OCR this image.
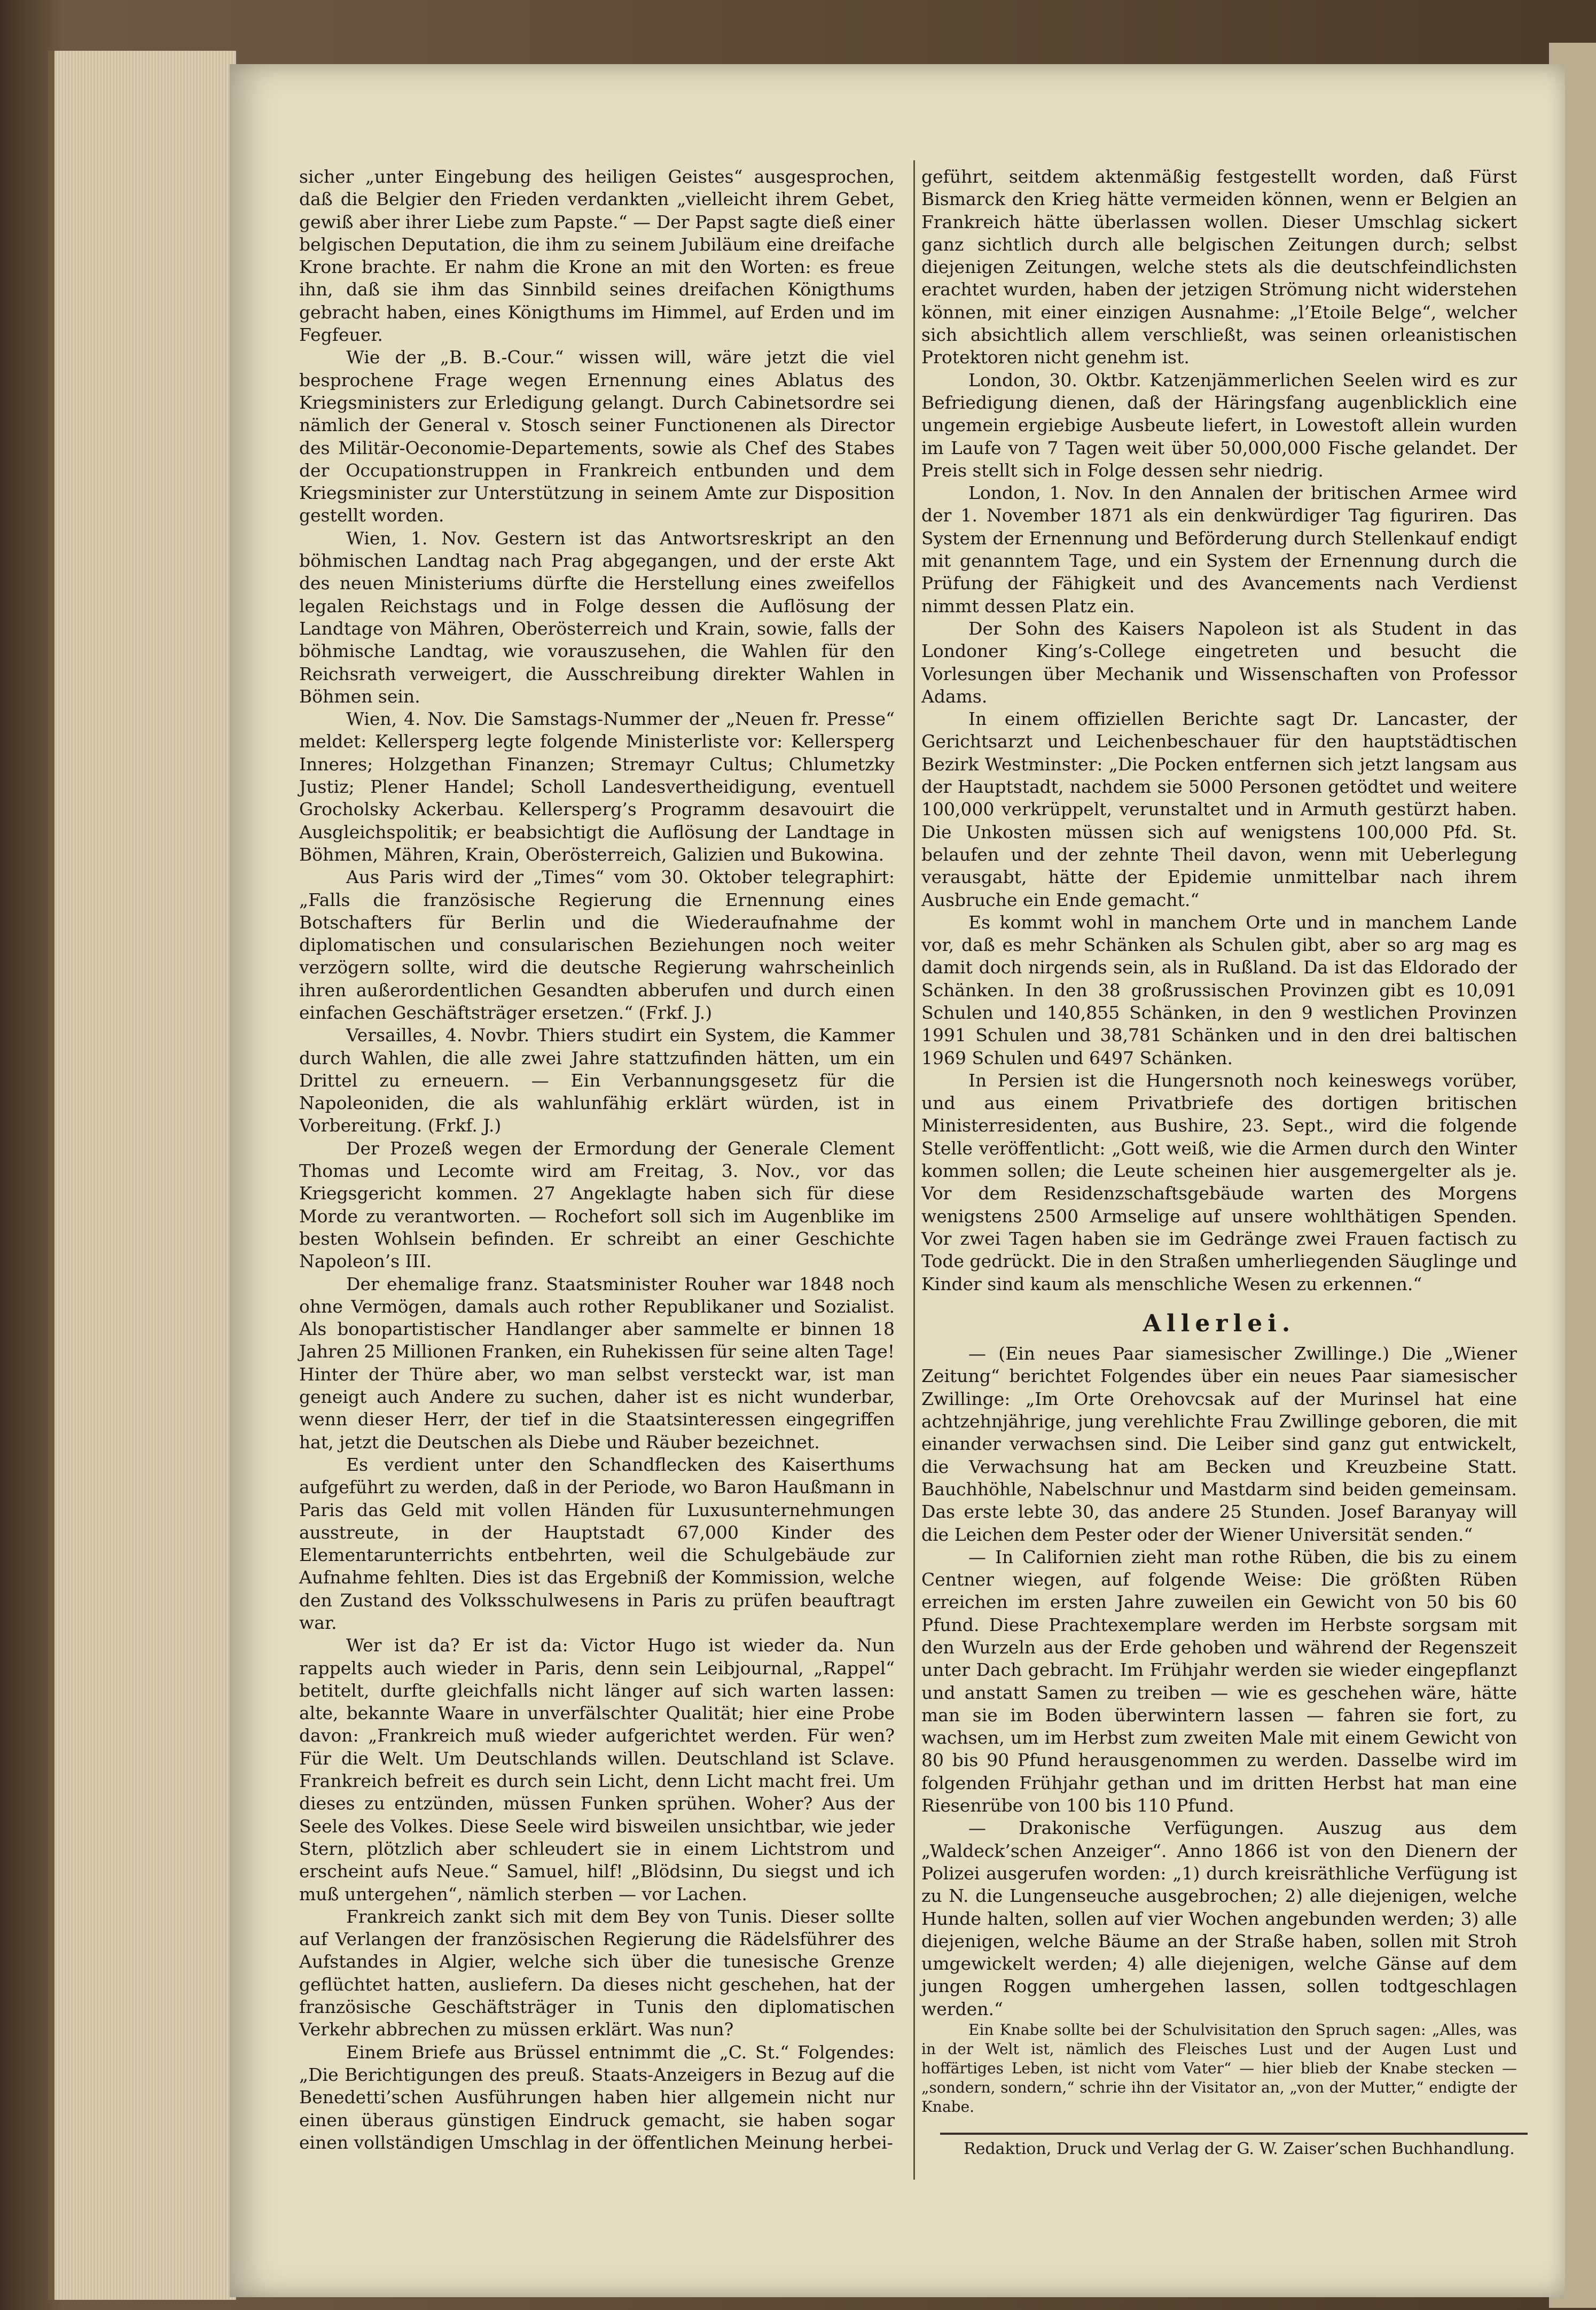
sicher „unter Eingebung des heiligen Geistes“ ausgesprochen, daß die Belgier den Frieden verdankten „vielleicht ihrem Gebet, gewiß aber ihrer Liebe zum Papste.“ — Der Papst sagte dieß einer belgischen Deputation, die ihm zu seinem Jubiläum eine dreifache Krone brachte. Er nahm die Krone an mit den Worten: es freue ihn, daß sie ihm das Sinnbild seines dreifachen Königthums gebracht haben, eines Königthums im Himmel, auf Erden und im Fegfeuer.

Wie der „B. B.-Cour.“ wissen will, wäre jetzt die viel besprochene Frage wegen Ernennung eines Ablatus des Kriegsministers zur Erledigung gelangt. Durch Cabinetsordre sei nämlich der General v. Stosch seiner Functionenen als Director des Militär-Oeconomie-Departements, sowie als Chef des Stabes der Occupationstruppen in Frankreich entbunden und dem Kriegsminister zur Unterstützung in seinem Amte zur Disposition gestellt worden.

Wien, 1. Nov. Gestern ist das Antwortsreskript an den böhmischen Landtag nach Prag abgegangen, und der erste Akt des neuen Ministeriums dürfte die Herstellung eines zweifellos legalen Reichstags und in Folge dessen die Auflösung der Landtage von Mähren, Oberösterreich und Krain, sowie, falls der böhmische Landtag, wie vorauszusehen, die Wahlen für den Reichsrath verweigert, die Ausschreibung direkter Wahlen in Böhmen sein.

Wien, 4. Nov. Die Samstags-Nummer der „Neuen fr. Presse“ meldet: Kellersperg legte folgende Ministerliste vor: Kellersperg Inneres; Holzgethan Finanzen; Stremayr Cultus; Chlumetzky Justiz; Plener Handel; Scholl Landesvertheidigung, eventuell Grocholsky Ackerbau. Kellersperg’s Programm desavouirt die Ausgleichspolitik; er beabsichtigt die Auflösung der Landtage in Böhmen, Mähren, Krain, Oberösterreich, Galizien und Bukowina.

Aus Paris wird der „Times“ vom 30. Oktober telegraphirt: „Falls die französische Regierung die Ernennung eines Botschafters für Berlin und die Wiederaufnahme der diplomatischen und consularischen Beziehungen noch weiter verzögern sollte, wird die deutsche Regierung wahrscheinlich ihren außerordentlichen Gesandten abberufen und durch einen einfachen Geschäftsträger ersetzen.“ (Frkf. J.)

Versailles, 4. Novbr. Thiers studirt ein System, die Kammer durch Wahlen, die alle zwei Jahre stattzufinden hätten, um ein Drittel zu erneuern. — Ein Verbannungsgesetz für die Napoleoniden, die als wahlunfähig erklärt würden, ist in Vorbereitung. (Frkf. J.)

Der Prozeß wegen der Ermordung der Generale Clement Thomas und Lecomte wird am Freitag, 3. Nov., vor das Kriegsgericht kommen. 27 Angeklagte haben sich für diese Morde zu verantworten. — Rochefort soll sich im Augenblike im besten Wohlsein befinden. Er schreibt an einer Geschichte Napoleon’s III.

Der ehemalige franz. Staatsminister Rouher war 1848 noch ohne Vermögen, damals auch rother Republikaner und Sozialist. Als bonopartistischer Handlanger aber sammelte er binnen 18 Jahren 25 Millionen Franken, ein Ruhekissen für seine alten Tage! Hinter der Thüre aber, wo man selbst versteckt war, ist man geneigt auch Andere zu suchen, daher ist es nicht wunderbar, wenn dieser Herr, der tief in die Staatsinteressen eingegriffen hat, jetzt die Deutschen als Diebe und Räuber bezeichnet.

Es verdient unter den Schandflecken des Kaiserthums aufgeführt zu werden, daß in der Periode, wo Baron Haußmann in Paris das Geld mit vollen Händen für Luxusunternehmungen ausstreute, in der Hauptstadt 67,000 Kinder des Elementarunterrichts entbehrten, weil die Schulgebäude zur Aufnahme fehlten. Dies ist das Ergebniß der Kommission, welche den Zustand des Volksschulwesens in Paris zu prüfen beauftragt war.

Wer ist da? Er ist da: Victor Hugo ist wieder da. Nun rappelts auch wieder in Paris, denn sein Leibjournal, „Rappel“ betitelt, durfte gleichfalls nicht länger auf sich warten lassen: alte, bekannte Waare in unverfälschter Qualität; hier eine Probe davon: „Frankreich muß wieder aufgerichtet werden. Für wen? Für die Welt. Um Deutschlands willen. Deutschland ist Sclave. Frankreich befreit es durch sein Licht, denn Licht macht frei. Um dieses zu entzünden, müssen Funken sprühen. Woher? Aus der Seele des Volkes. Diese Seele wird bisweilen unsichtbar, wie jeder Stern, plötzlich aber schleudert sie in einem Lichtstrom und erscheint aufs Neue.“ Samuel, hilf! „Blödsinn, Du siegst und ich muß untergehen“, nämlich sterben — vor Lachen.

Frankreich zankt sich mit dem Bey von Tunis. Dieser sollte auf Verlangen der französischen Regierung die Rädelsführer des Aufstandes in Algier, welche sich über die tunesische Grenze geflüchtet hatten, ausliefern. Da dieses nicht geschehen, hat der französische Geschäftsträger in Tunis den diplomatischen Verkehr abbrechen zu müssen erklärt. Was nun?

Einem Briefe aus Brüssel entnimmt die „C. St.“ Folgendes: „Die Berichtigungen des preuß. Staats-Anzeigers in Bezug auf die Benedetti’schen Ausführungen haben hier allgemein nicht nur einen überaus günstigen Eindruck gemacht, sie haben sogar einen vollständigen Umschlag in der öffentlichen Meinung herbei-

geführt, seitdem aktenmäßig festgestellt worden, daß Fürst Bismarck den Krieg hätte vermeiden können, wenn er Belgien an Frankreich hätte überlassen wollen. Dieser Umschlag sickert ganz sichtlich durch alle belgischen Zeitungen durch; selbst diejenigen Zeitungen, welche stets als die deutschfeindlichsten erachtet wurden, haben der jetzigen Strömung nicht widerstehen können, mit einer einzigen Ausnahme: „l’Etoile Belge“, welcher sich absichtlich allem verschließt, was seinen orleanistischen Protektoren nicht genehm ist.

London, 30. Oktbr. Katzenjämmerlichen Seelen wird es zur Befriedigung dienen, daß der Häringsfang augenblicklich eine ungemein ergiebige Ausbeute liefert, in Lowestoft allein wurden im Laufe von 7 Tagen weit über 50,000,000 Fische gelandet. Der Preis stellt sich in Folge dessen sehr niedrig.

London, 1. Nov. In den Annalen der britischen Armee wird der 1. November 1871 als ein denkwürdiger Tag figuriren. Das System der Ernennung und Beförderung durch Stellenkauf endigt mit genanntem Tage, und ein System der Ernennung durch die Prüfung der Fähigkeit und des Avancements nach Verdienst nimmt dessen Platz ein.

Der Sohn des Kaisers Napoleon ist als Student in das Londoner King’s-College eingetreten und besucht die Vorlesungen über Mechanik und Wissenschaften von Professor Adams.

In einem offiziellen Berichte sagt Dr. Lancaster, der Gerichtsarzt und Leichenbeschauer für den hauptstädtischen Bezirk Westminster: „Die Pocken entfernen sich jetzt langsam aus der Hauptstadt, nachdem sie 5000 Personen getödtet und weitere 100,000 verkrüppelt, verunstaltet und in Armuth gestürzt haben. Die Unkosten müssen sich auf wenigstens 100,000 Pfd. St. belaufen und der zehnte Theil davon, wenn mit Ueberlegung verausgabt, hätte der Epidemie unmittelbar nach ihrem Ausbruche ein Ende gemacht.“

Es kommt wohl in manchem Orte und in manchem Lande vor, daß es mehr Schänken als Schulen gibt, aber so arg mag es damit doch nirgends sein, als in Rußland. Da ist das Eldorado der Schänken. In den 38 großrussischen Provinzen gibt es 10,091 Schulen und 140,855 Schänken, in den 9 westlichen Provinzen 1991 Schulen und 38,781 Schänken und in den drei baltischen 1969 Schulen und 6497 Schänken.

In Persien ist die Hungersnoth noch keineswegs vorüber, und aus einem Privatbriefe des dortigen britischen Ministerresidenten, aus Bushire, 23. Sept., wird die folgende Stelle veröffentlicht: „Gott weiß, wie die Armen durch den Winter kommen sollen; die Leute scheinen hier ausgemergelter als je. Vor dem Residenzschaftsgebäude warten des Morgens wenigstens 2500 Armselige auf unsere wohlthätigen Spenden. Vor zwei Tagen haben sie im Gedränge zwei Frauen factisch zu Tode gedrückt. Die in den Straßen umherliegenden Säuglinge und Kinder sind kaum als menschliche Wesen zu erkennen.“

Allerlei.

— (Ein neues Paar siamesischer Zwillinge.) Die „Wiener Zeitung“ berichtet Folgendes über ein neues Paar siamesischer Zwillinge: „Im Orte Orehovcsak auf der Murinsel hat eine achtzehnjährige, jung verehlichte Frau Zwillinge geboren, die mit einander verwachsen sind. Die Leiber sind ganz gut entwickelt, die Verwachsung hat am Becken und Kreuzbeine Statt. Bauchhöhle, Nabelschnur und Mastdarm sind beiden gemeinsam. Das erste lebte 30, das andere 25 Stunden. Josef Baranyay will die Leichen dem Pester oder der Wiener Universität senden.“

— In Californien zieht man rothe Rüben, die bis zu einem Centner wiegen, auf folgende Weise: Die größten Rüben erreichen im ersten Jahre zuweilen ein Gewicht von 50 bis 60 Pfund. Diese Prachtexemplare werden im Herbste sorgsam mit den Wurzeln aus der Erde gehoben und während der Regenszeit unter Dach gebracht. Im Frühjahr werden sie wieder eingepflanzt und anstatt Samen zu treiben — wie es geschehen wäre, hätte man sie im Boden überwintern lassen — fahren sie fort, zu wachsen, um im Herbst zum zweiten Male mit einem Gewicht von 80 bis 90 Pfund herausgenommen zu werden. Dasselbe wird im folgenden Frühjahr gethan und im dritten Herbst hat man eine Riesenrübe von 100 bis 110 Pfund.

— Drakonische Verfügungen. Auszug aus dem „Waldeck’schen Anzeiger“. Anno 1866 ist von den Dienern der Polizei ausgerufen worden: „1) durch kreisräthliche Verfügung ist zu N. die Lungenseuche ausgebrochen; 2) alle diejenigen, welche Hunde halten, sollen auf vier Wochen angebunden werden; 3) alle diejenigen, welche Bäume an der Straße haben, sollen mit Stroh umgewickelt werden; 4) alle diejenigen, welche Gänse auf dem jungen Roggen umhergehen lassen, sollen todtgeschlagen werden.“

Ein Knabe sollte bei der Schulvisitation den Spruch sagen: „Alles, was in der Welt ist, nämlich des Fleisches Lust und der Augen Lust und hoffärtiges Leben, ist nicht vom Vater“ — hier blieb der Knabe stecken — „sondern, sondern,“ schrie ihn der Visitator an, „von der Mutter,“ endigte der Knabe.

Redaktion, Druck und Verlag der G. W. Zaiser’schen Buchhandlung.
